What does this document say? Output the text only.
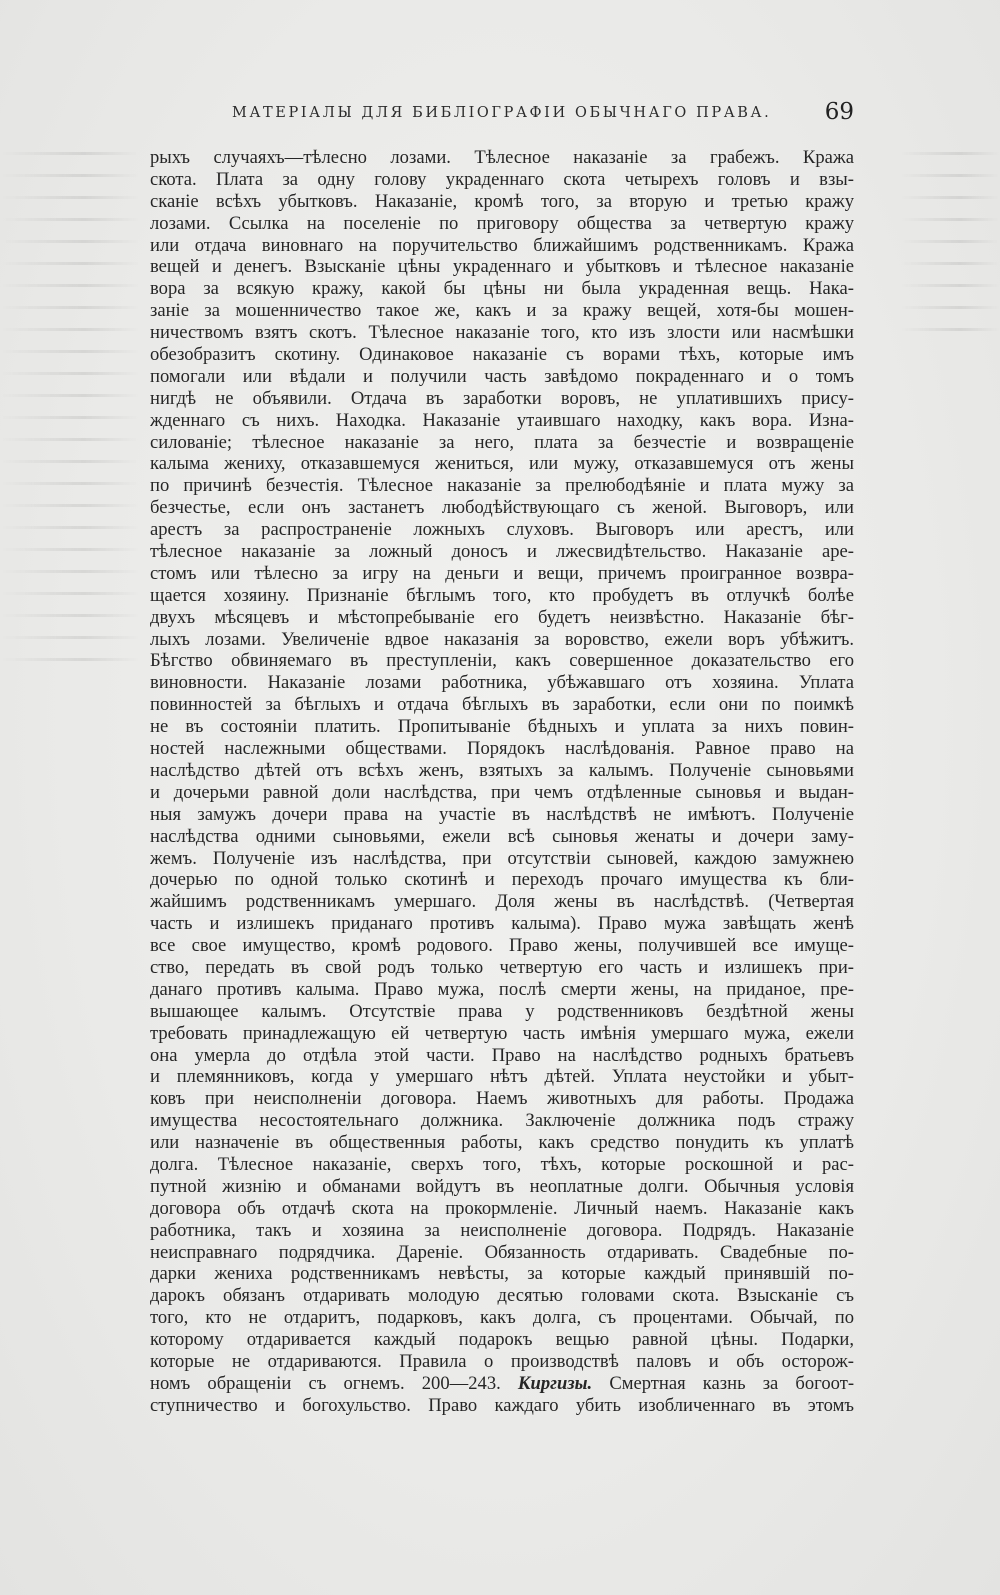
МАТЕРІАЛЫ ДЛЯ БИБЛІОГРАФІИ ОБЫЧНАГО ПРАВА. 69
рыхъ случаяхъ—тѣлесно лозами. Тѣлесное наказаніе за грабежъ. Кража
скота. Плата за одну голову украденнаго скота четырехъ головъ и взы-
сканіе всѣхъ убытковъ. Наказаніе, кромѣ того, за вторую и третью кражу
лозами. Ссылка на поселеніе по приговору общества за четвертую кражу
или отдача виновнаго на поручительство ближайшимъ родственникамъ. Кража
вещей и денегъ. Взысканіе цѣны украденнаго и убытковъ и тѣлесное наказаніе
вора за всякую кражу, какой бы цѣны ни была украденная вещь. Нака-
заніе за мошенничество такое же, какъ и за кражу вещей, хотя-бы мошен-
ничествомъ взятъ скотъ. Тѣлесное наказаніе того, кто изъ злости или насмѣшки
обезобразитъ скотину. Одинаковое наказаніе съ ворами тѣхъ, которые имъ
помогали или вѣдали и получили часть завѣдомо покраденнаго и о томъ
нигдѣ не объявили. Отдача въ заработки воровъ, не уплатившихъ прису-
жденнаго съ нихъ. Находка. Наказаніе утаившаго находку, какъ вора. Изна-
силованіе; тѣлесное наказаніе за него, плата за безчестіе и возвращеніе
калыма жениху, отказавшемуся жениться, или мужу, отказавшемуся отъ жены
по причинѣ безчестія. Тѣлесное наказаніе за прелюбодѣяніе и плата мужу за
безчестье, если онъ застанетъ любодѣйствующаго съ женой. Выговоръ, или
арестъ за распространеніе ложныхъ слуховъ. Выговоръ или арестъ, или
тѣлесное наказаніе за ложный доносъ и лжесвидѣтельство. Наказаніе аре-
стомъ или тѣлесно за игру на деньги и вещи, причемъ проигранное возвра-
щается хозяину. Признаніе бѣглымъ того, кто пробудетъ въ отлучкѣ болѣе
двухъ мѣсяцевъ и мѣстопребываніе его будетъ неизвѣстно. Наказаніе бѣг-
лыхъ лозами. Увеличеніе вдвое наказанія за воровство, ежели воръ убѣжитъ.
Бѣгство обвиняемаго въ преступленіи, какъ совершенное доказательство его
виновности. Наказаніе лозами работника, убѣжавшаго отъ хозяина. Уплата
повинностей за бѣглыхъ и отдача бѣглыхъ въ заработки, если они по поимкѣ
не въ состояніи платить. Пропитываніе бѣдныхъ и уплата за нихъ повин-
ностей наслежными обществами. Порядокъ наслѣдованія. Равное право на
наслѣдство дѣтей отъ всѣхъ женъ, взятыхъ за калымъ. Полученіе сыновьями
и дочерьми равной доли наслѣдства, при чемъ отдѣленные сыновья и выдан-
ныя замужъ дочери права на участіе въ наслѣдствѣ не имѣютъ. Полученіе
наслѣдства одними сыновьями, ежели всѣ сыновья женаты и дочери заму-
жемъ. Полученіе изъ наслѣдства, при отсутствіи сыновей, каждою замужнею
дочерью по одной только скотинѣ и переходъ прочаго имущества къ бли-
жайшимъ родственникамъ умершаго. Доля жены въ наслѣдствѣ. (Четвертая
часть и излишекъ приданаго противъ калыма). Право мужа завѣщать женѣ
все свое имущество, кромѣ родового. Право жены, получившей все имуще-
ство, передать въ свой родъ только четвертую его часть и излишекъ при-
данаго противъ калыма. Право мужа, послѣ смерти жены, на приданое, пре-
вышающее калымъ. Отсутствіе права у родственниковъ бездѣтной жены
требовать принадлежащую ей четвертую часть имѣнія умершаго мужа, ежели
она умерла до отдѣла этой части. Право на наслѣдство родныхъ братьевъ
и племянниковъ, когда у умершаго нѣтъ дѣтей. Уплата неустойки и убыт-
ковъ при неисполненіи договора. Наемъ животныхъ для работы. Продажа
имущества несостоятельнаго должника. Заключеніе должника подъ стражу
или назначеніе въ общественныя работы, какъ средство понудить къ уплатѣ
долга. Тѣлесное наказаніе, сверхъ того, тѣхъ, которые роскошной и рас-
путной жизнію и обманами войдутъ въ неоплатные долги. Обычныя условія
договора объ отдачѣ скота на прокормленіе. Личный наемъ. Наказаніе какъ
работника, такъ и хозяина за неисполненіе договора. Подрядъ. Наказаніе
неисправнаго подрядчика. Дареніе. Обязанность отдаривать. Свадебные по-
дарки жениха родственникамъ невѣсты, за которые каждый принявшій по-
дарокъ обязанъ отдаривать молодую десятью головами скота. Взысканіе съ
того, кто не отдаритъ, подарковъ, какъ долга, съ процентами. Обычай, по
которому отдаривается каждый подарокъ вещью равной цѣны. Подарки,
которые не отдариваются. Правила о производствѣ паловъ и объ осторож-
номъ обращеніи съ огнемъ. 200—243. Киргизы. Смертная казнь за богоот-
ступничество и богохульство. Право каждаго убить изобличеннаго въ этомъ
